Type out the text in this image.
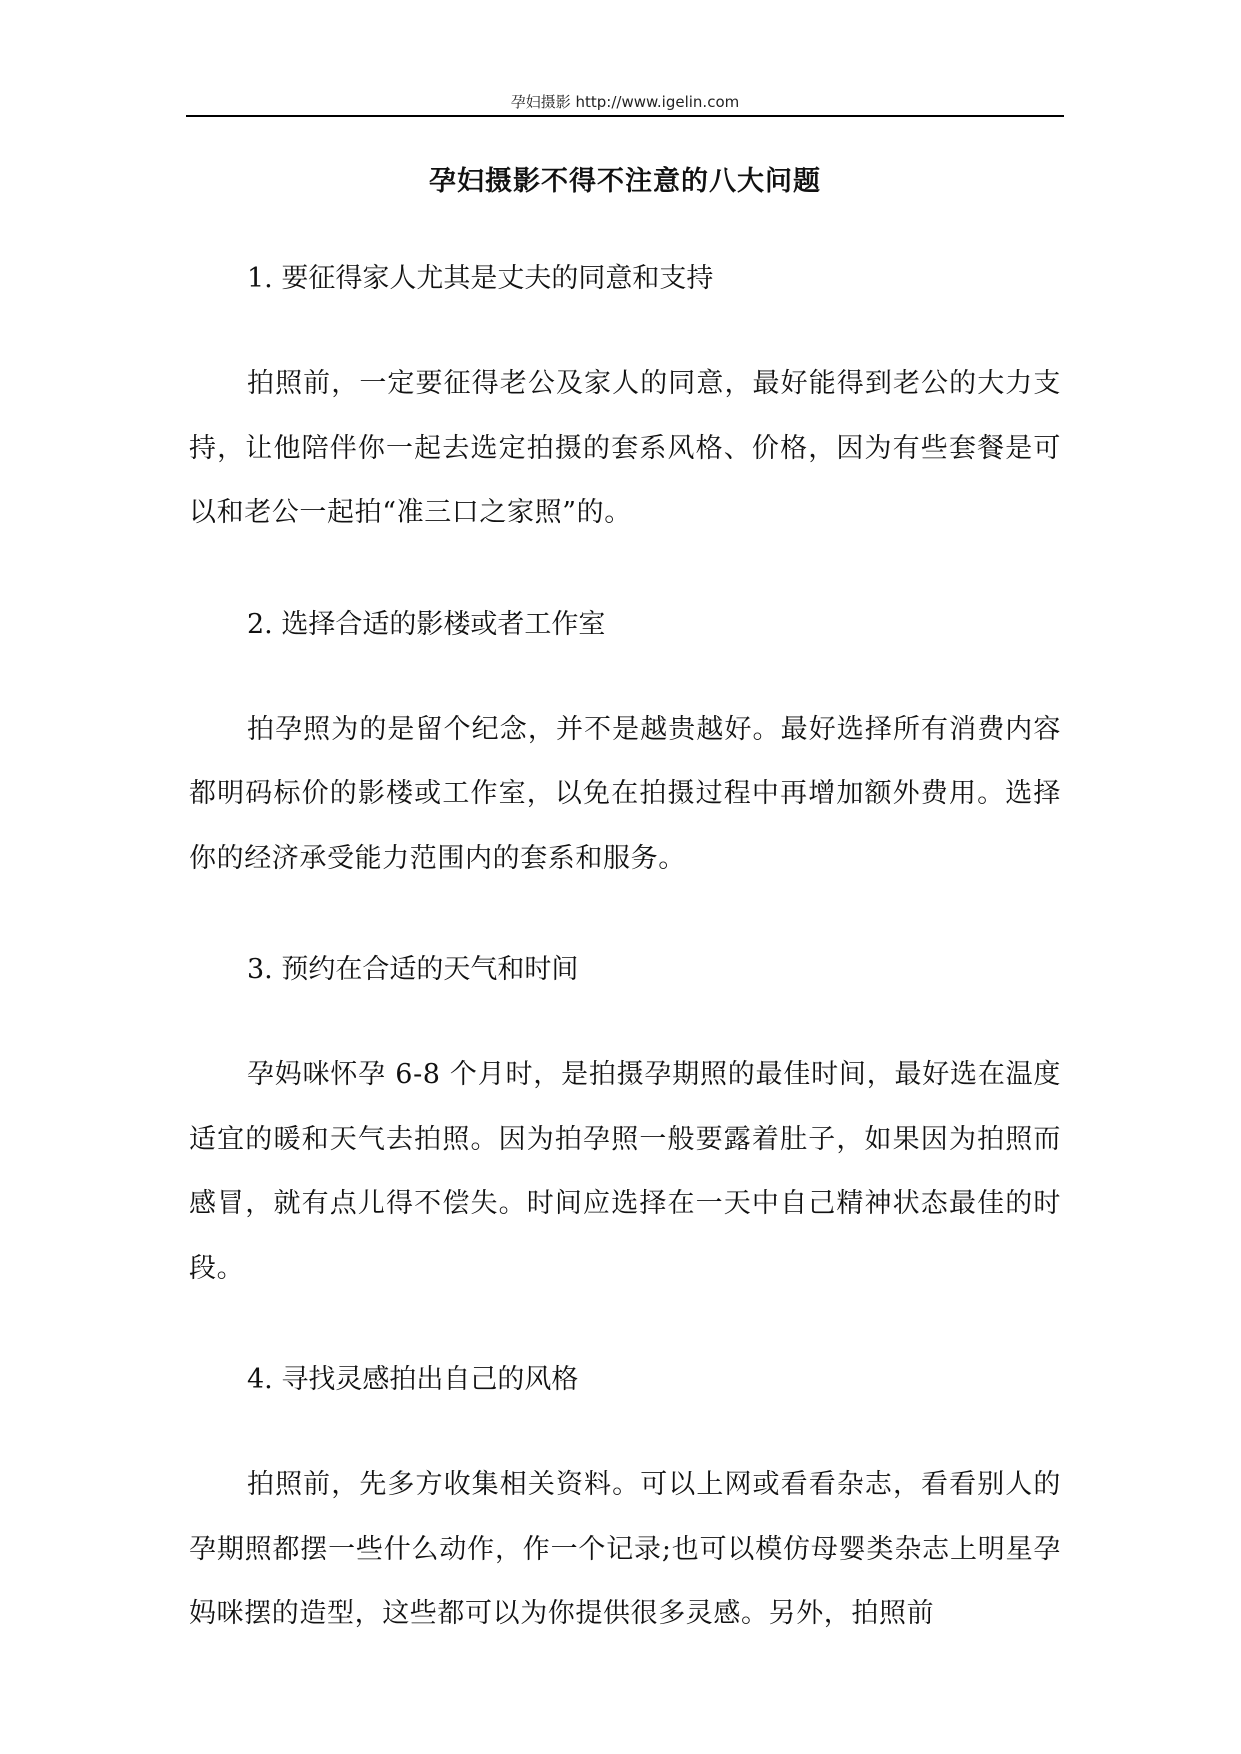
孕妇摄影 http://www.igelin.com
孕妇摄影不得不注意的八大问题

1. 要征得家人尤其是丈夫的同意和支持

拍照前，一定要征得老公及家人的同意，最好能得到老公的大力支持，让他陪伴你一起去选定拍摄的套系风格、价格，因为有些套餐是可以和老公一起拍“准三口之家照”的。

2. 选择合适的影楼或者工作室

拍孕照为的是留个纪念，并不是越贵越好。最好选择所有消费内容都明码标价的影楼或工作室，以免在拍摄过程中再增加额外费用。选择你的经济承受能力范围内的套系和服务。

3. 预约在合适的天气和时间

孕妈咪怀孕 6-8 个月时，是拍摄孕期照的最佳时间，最好选在温度适宜的暖和天气去拍照。因为拍孕照一般要露着肚子，如果因为拍照而感冒，就有点儿得不偿失。时间应选择在一天中自己精神状态最佳的时段。

4. 寻找灵感拍出自己的风格

拍照前，先多方收集相关资料。可以上网或看看杂志，看看别人的孕期照都摆一些什么动作，作一个记录;也可以模仿母婴类杂志上明星孕妈咪摆的造型，这些都可以为你提供很多灵感。另外，拍照前
